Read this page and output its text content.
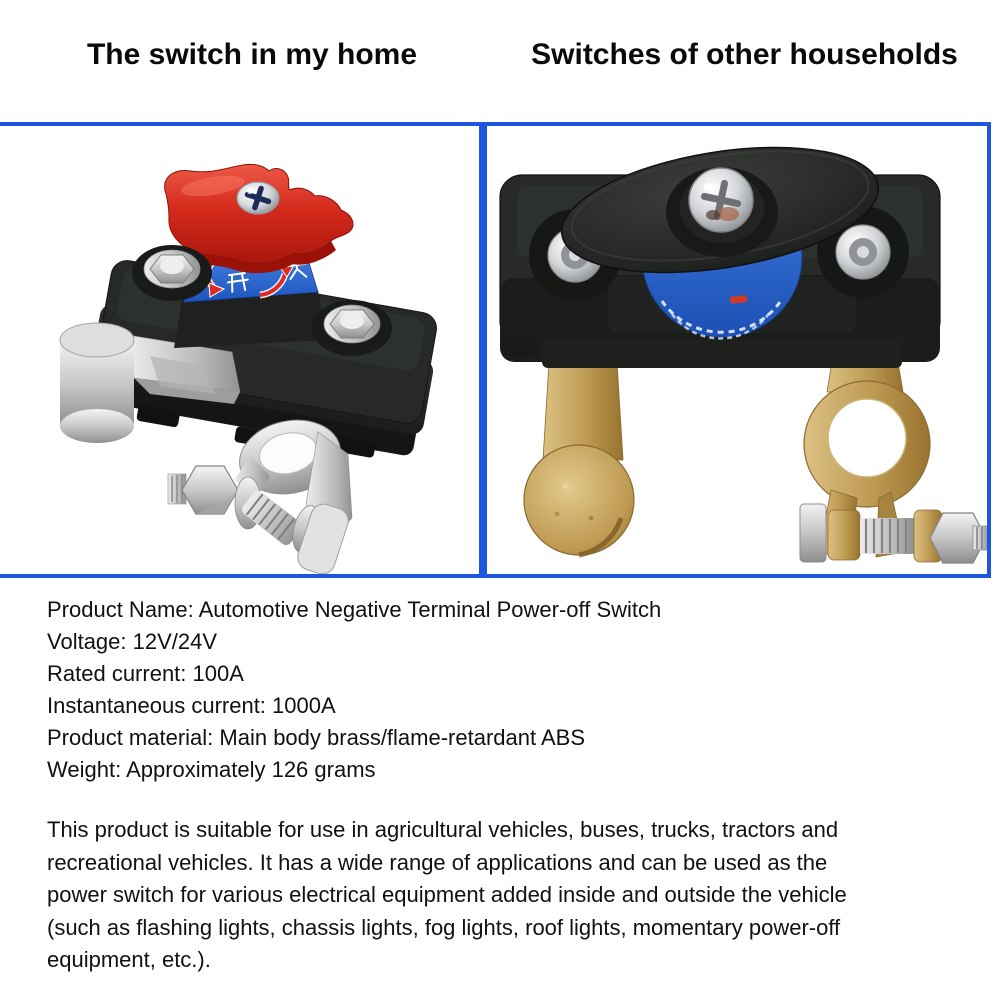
The switch in my home	Switches of other households
Product Name: Automotive Negative Terminal Power-off Switch
Voltage: 12V/24V
Rated current: 100A
Instantaneous current: 1000A
Product material: Main body brass/flame-retardant ABS
Weight: Approximately 126 grams
This product is suitable for use in agricultural vehicles, buses, trucks, tractors and
recreational vehicles. It has a wide range of applications and can be used as the
power switch for various electrical equipment added inside and outside the vehicle
(such as flashing lights, chassis lights, fog lights, roof lights, momentary power-off
equipment, etc.).
